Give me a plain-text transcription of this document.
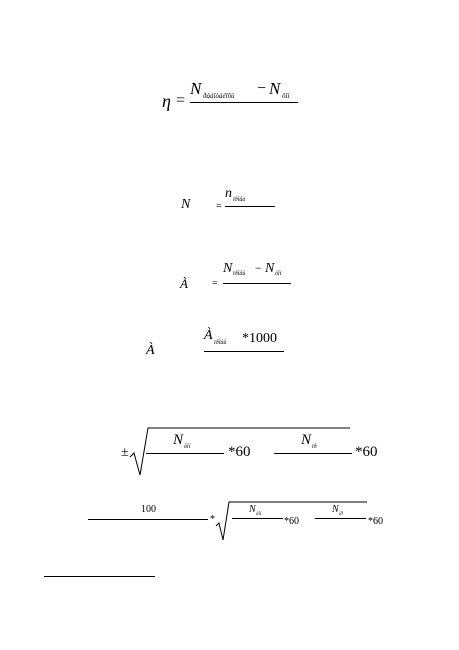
η =
N ðàáîòàëîñü − N ôîí
N	=
n ïðîâà
À =
N ïðîâû − N ôîí
À
À ïðîâû *1000
±
N ôîí	*60
N ïð	*60
100
*
N ôîí
*60
N ïð
*60
